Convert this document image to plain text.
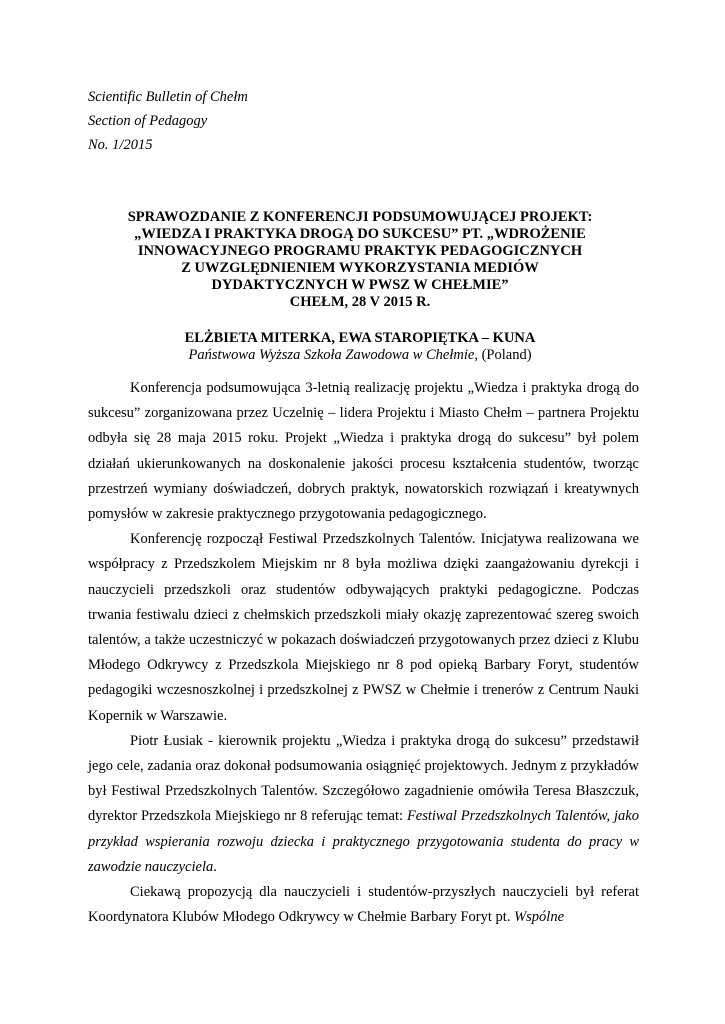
Scientific Bulletin of Chełm
Section of Pedagogy
No. 1/2015
SPRAWOZDANIE Z KONFERENCJI PODSUMOWUJĄCEJ PROJEKT:
„WIEDZA I PRAKTYKA DROGĄ DO SUKCESU” PT. „WDROŻENIE
INNOWACYJNEGO PROGRAMU PRAKTYK PEDAGOGICZNYCH
Z UWZGLĘDNIENIEM WYKORZYSTANIA MEDIÓW
DYDAKTYCZNYCH W PWSZ W CHEŁMIE”
CHEŁM, 28 V 2015 R.
ELŻBIETA MITERKA, EWA STAROPIĘTKA – KUNA
Państwowa Wyższa Szkoła Zawodowa w Chełmie, (Poland)

Konferencja podsumowująca 3-letnią realizację projektu „Wiedza i praktyka drogą do sukcesu” zorganizowana przez Uczelnię – lidera Projektu i Miasto Chełm – partnera Projektu odbyła się 28 maja 2015 roku. Projekt „Wiedza i praktyka drogą do sukcesu” był polem działań ukierunkowanych na doskonalenie jakości procesu kształcenia studentów, tworząc przestrzeń wymiany doświadczeń, dobrych praktyk, nowatorskich rozwiązań i kreatywnych pomysłów w zakresie praktycznego przygotowania pedagogicznego.

Konferencję rozpoczął Festiwal Przedszkolnych Talentów. Inicjatywa realizowana we współpracy z Przedszkolem Miejskim nr 8 była możliwa dzięki zaangażowaniu dyrekcji i nauczycieli przedszkoli oraz studentów odbywających praktyki pedagogiczne. Podczas trwania festiwalu dzieci z chełmskich przedszkoli miały okazję zaprezentować szereg swoich talentów, a także uczestniczyć w pokazach doświadczeń przygotowanych przez dzieci z Klubu Młodego Odkrywcy z Przedszkola Miejskiego nr 8 pod opieką Barbary Foryt, studentów pedagogiki wczesnoszkolnej i przedszkolnej z PWSZ w Chełmie i trenerów z Centrum Nauki Kopernik w Warszawie.

Piotr Łusiak - kierownik projektu „Wiedza i praktyka drogą do sukcesu” przedstawił jego cele, zadania oraz dokonał podsumowania osiągnięć projektowych. Jednym z przykładów był Festiwal Przedszkolnych Talentów. Szczegółowo zagadnienie omówiła Teresa Błaszczuk, dyrektor Przedszkola Miejskiego nr 8 referując temat: Festiwal Przedszkolnych Talentów, jako przykład wspierania rozwoju dziecka i praktycznego przygotowania studenta do pracy w zawodzie nauczyciela.

Ciekawą propozycją dla nauczycieli i studentów-przyszłych nauczycieli był referat Koordynatora Klubów Młodego Odkrywcy w Chełmie Barbary Foryt pt. Wspólne
